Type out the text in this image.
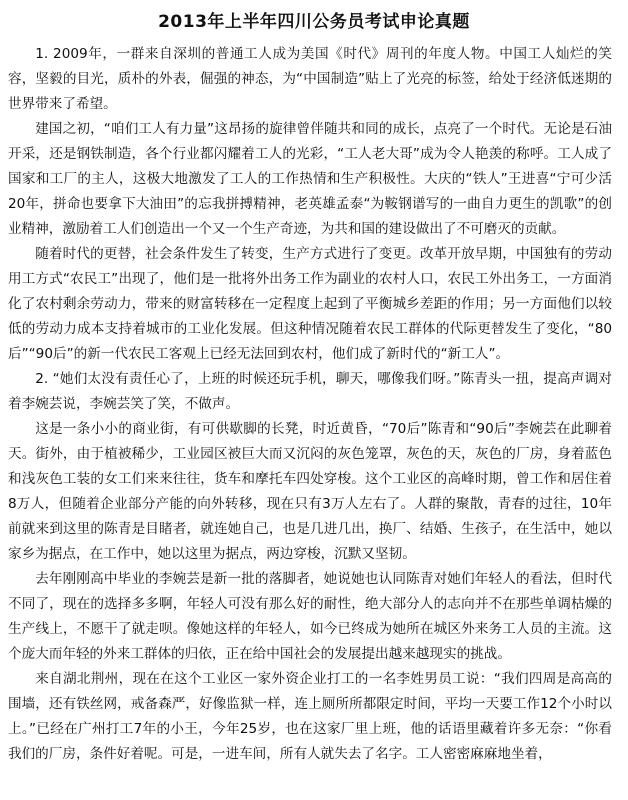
2013年上半年四川公务员考试申论真题

1. 2009年，一群来自深圳的普通工人成为美国《时代》周刊的年度人物。中国工人灿烂的笑容，坚毅的目光，质朴的外表，倔强的神态，为“中国制造”贴上了光亮的标签，给处于经济低迷期的世界带来了希望。

建国之初，“咱们工人有力量”这昂扬的旋律曾伴随共和同的成长，点亮了一个时代。无论是石油开采，还是钢铁制造，各个行业都闪耀着工人的光彩，“工人老大哥”成为令人艳羡的称呼。工人成了国家和工厂的主人，这极大地激发了工人的工作热情和生产积极性。大庆的“铁人”王进喜“宁可少活20年，拼命也要拿下大油田”的忘我拼搏精神，老英雄孟泰“为鞍钢谱写的一曲自力更生的凯歌”的创业精神，激励着工人们创造出一个又一个生产奇迹，为共和国的建设做出了不可磨灭的贡献。

随着时代的更替，社会条件发生了转变，生产方式进行了变更。改革开放早期，中国独有的劳动用工方式“农民工”出现了，他们是一批将外出务工作为副业的农村人口，农民工外出务工，一方面消化了农村剩余劳动力，带来的财富转移在一定程度上起到了平衡城乡差距的作用；另一方面他们以较低的劳动力成本支持着城市的工业化发展。但这种情况随着农民工群体的代际更替发生了变化，“80后”“90后”的新一代农民工客观上已经无法回到农村，他们成了新时代的“新工人”。

2. “她们太没有责任心了，上班的时候还玩手机，聊天，哪像我们呀。”陈青头一扭，提高声调对着李婉芸说，李婉芸笑了笑，不做声。

这是一条小小的商业街，有可供歇脚的长凳，时近黄昏，“70后”陈青和“90后”李婉芸在此聊着天。街外，由于植被稀少，工业园区被巨大而又沉闷的灰色笼罩，灰色的天，灰色的厂房，身着蓝色和浅灰色工装的女工们来来往往，货车和摩托车四处穿梭。这个工业区的高峰时期，曾工作和居住着8万人，但随着企业部分产能的向外转移，现在只有3万人左右了。人群的聚散，青春的过往，10年前就来到这里的陈青是目睹者，就连她自己，也是几进几出，换厂、结婚、生孩子，在生活中，她以家乡为据点，在工作中，她以这里为据点，两边穿梭，沉默又坚韧。

去年刚刚高中毕业的李婉芸是新一批的落脚者，她说她也认同陈青对她们年轻人的看法，但时代不同了，现在的选择多多啊，年轻人可没有那么好的耐性，绝大部分人的志向并不在那些单调枯燥的生产线上，不愿干了就走呗。像她这样的年轻人，如今已终成为她所在城区外来务工人员的主流。这个庞大而年轻的外来工群体的归依，正在给中国社会的发展提出越来越现实的挑战。

来自湖北荆州，现在在这个工业区一家外资企业打工的一名李姓男员工说：“我们四周是高高的围墙，还有铁丝网，戒备森严，好像监狱一样，连上厕所所都限定时间，平均一天要工作12个小时以上。”已经在广州打工7年的小王，今年25岁，也在这家厂里上班，他的话语里藏着许多无奈：“你看我们的厂房，条件好着呢。可是，一进车间，所有人就失去了名字。工人密密麻麻地坐着，
